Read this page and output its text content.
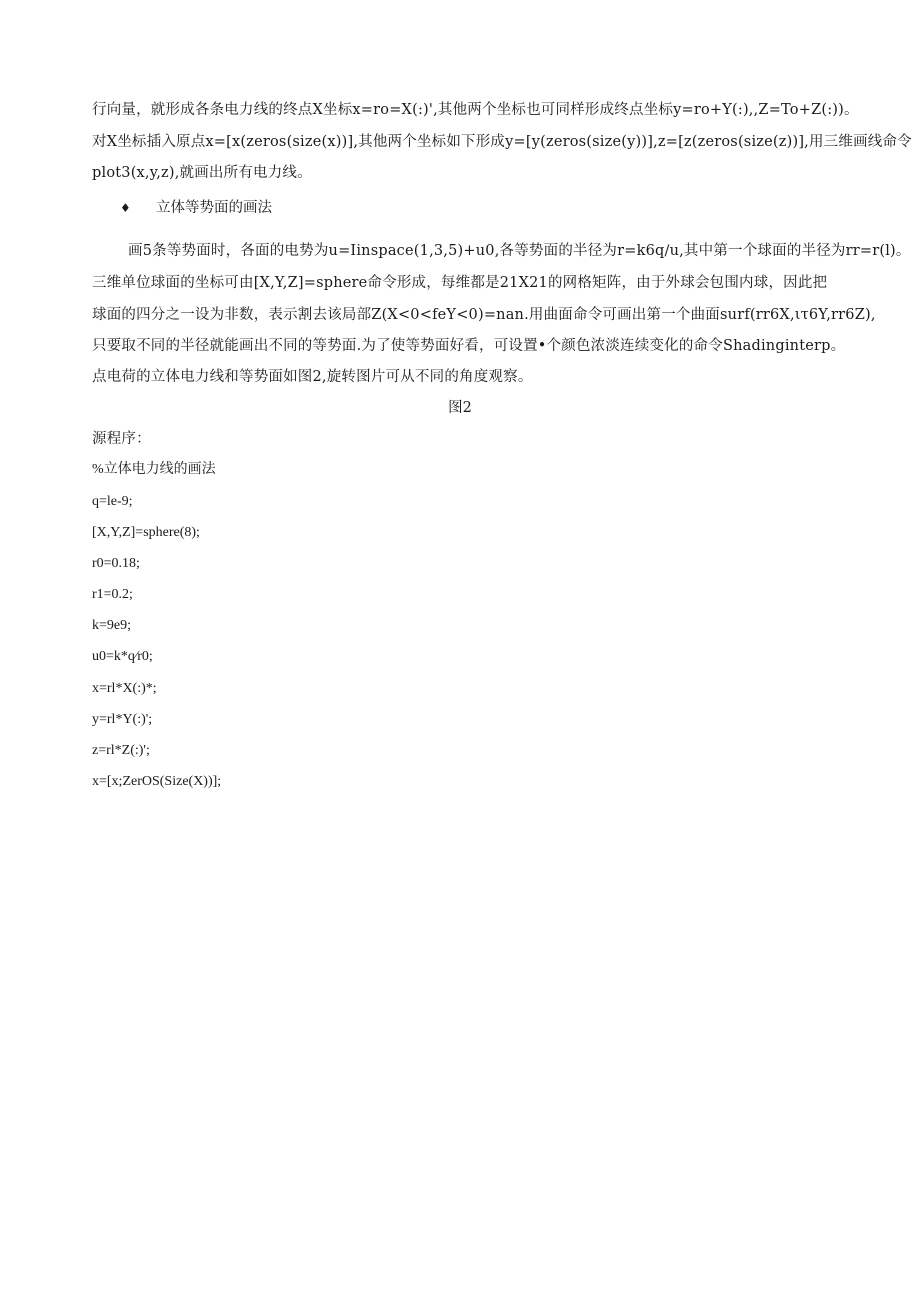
行向量，就形成各条电力线的终点X坐标x=ro=X(:)',其他两个坐标也可同样形成终点坐标y=ro+Y(:),,Z=To+Z(:))。
对X坐标插入原点x=[x(zeros(size(x))],其他两个坐标如下形成y=[y(zeros(size(y))],z=[z(zeros(size(z))],用三维画线命令
plot3(x,y,z),就画出所有电力线。
♦ 立体等势面的画法
画5条等势面时，各面的电势为u=Iinspace(1,3,5)+u0,各等势面的半径为r=k6q∕u,其中第一个球面的半径为rr=r(l)。
三维单位球面的坐标可由[X,Y,Z]=sphere命令形成，每维都是21X21的网格矩阵，由于外球会包围内球，因此把
球面的四分之一设为非数，表示割去该局部Z(X<0<feY<0)=nan.用曲面命令可画出第一个曲面surf(rr6X,ιτ6Y,rr6Z),
只要取不同的半径就能画出不同的等势面.为了使等势面好看，可设置•个颜色浓淡连续变化的命令Shadinginterp。
点电荷的立体电力线和等势面如图2,旋转图片可从不同的角度观察。
图2
源程序：
%立体电力线的画法
q=le-9;
[X,Y,Z]=sphere(8);
r0=0.18;
r1=0.2;
k=9e9;
u0=k*q∕r0;
x=rl*X(:)*;
y=rl*Y(:)';
z=rl*Z(:)';
x=[x;ZerOS(Size(X))];
